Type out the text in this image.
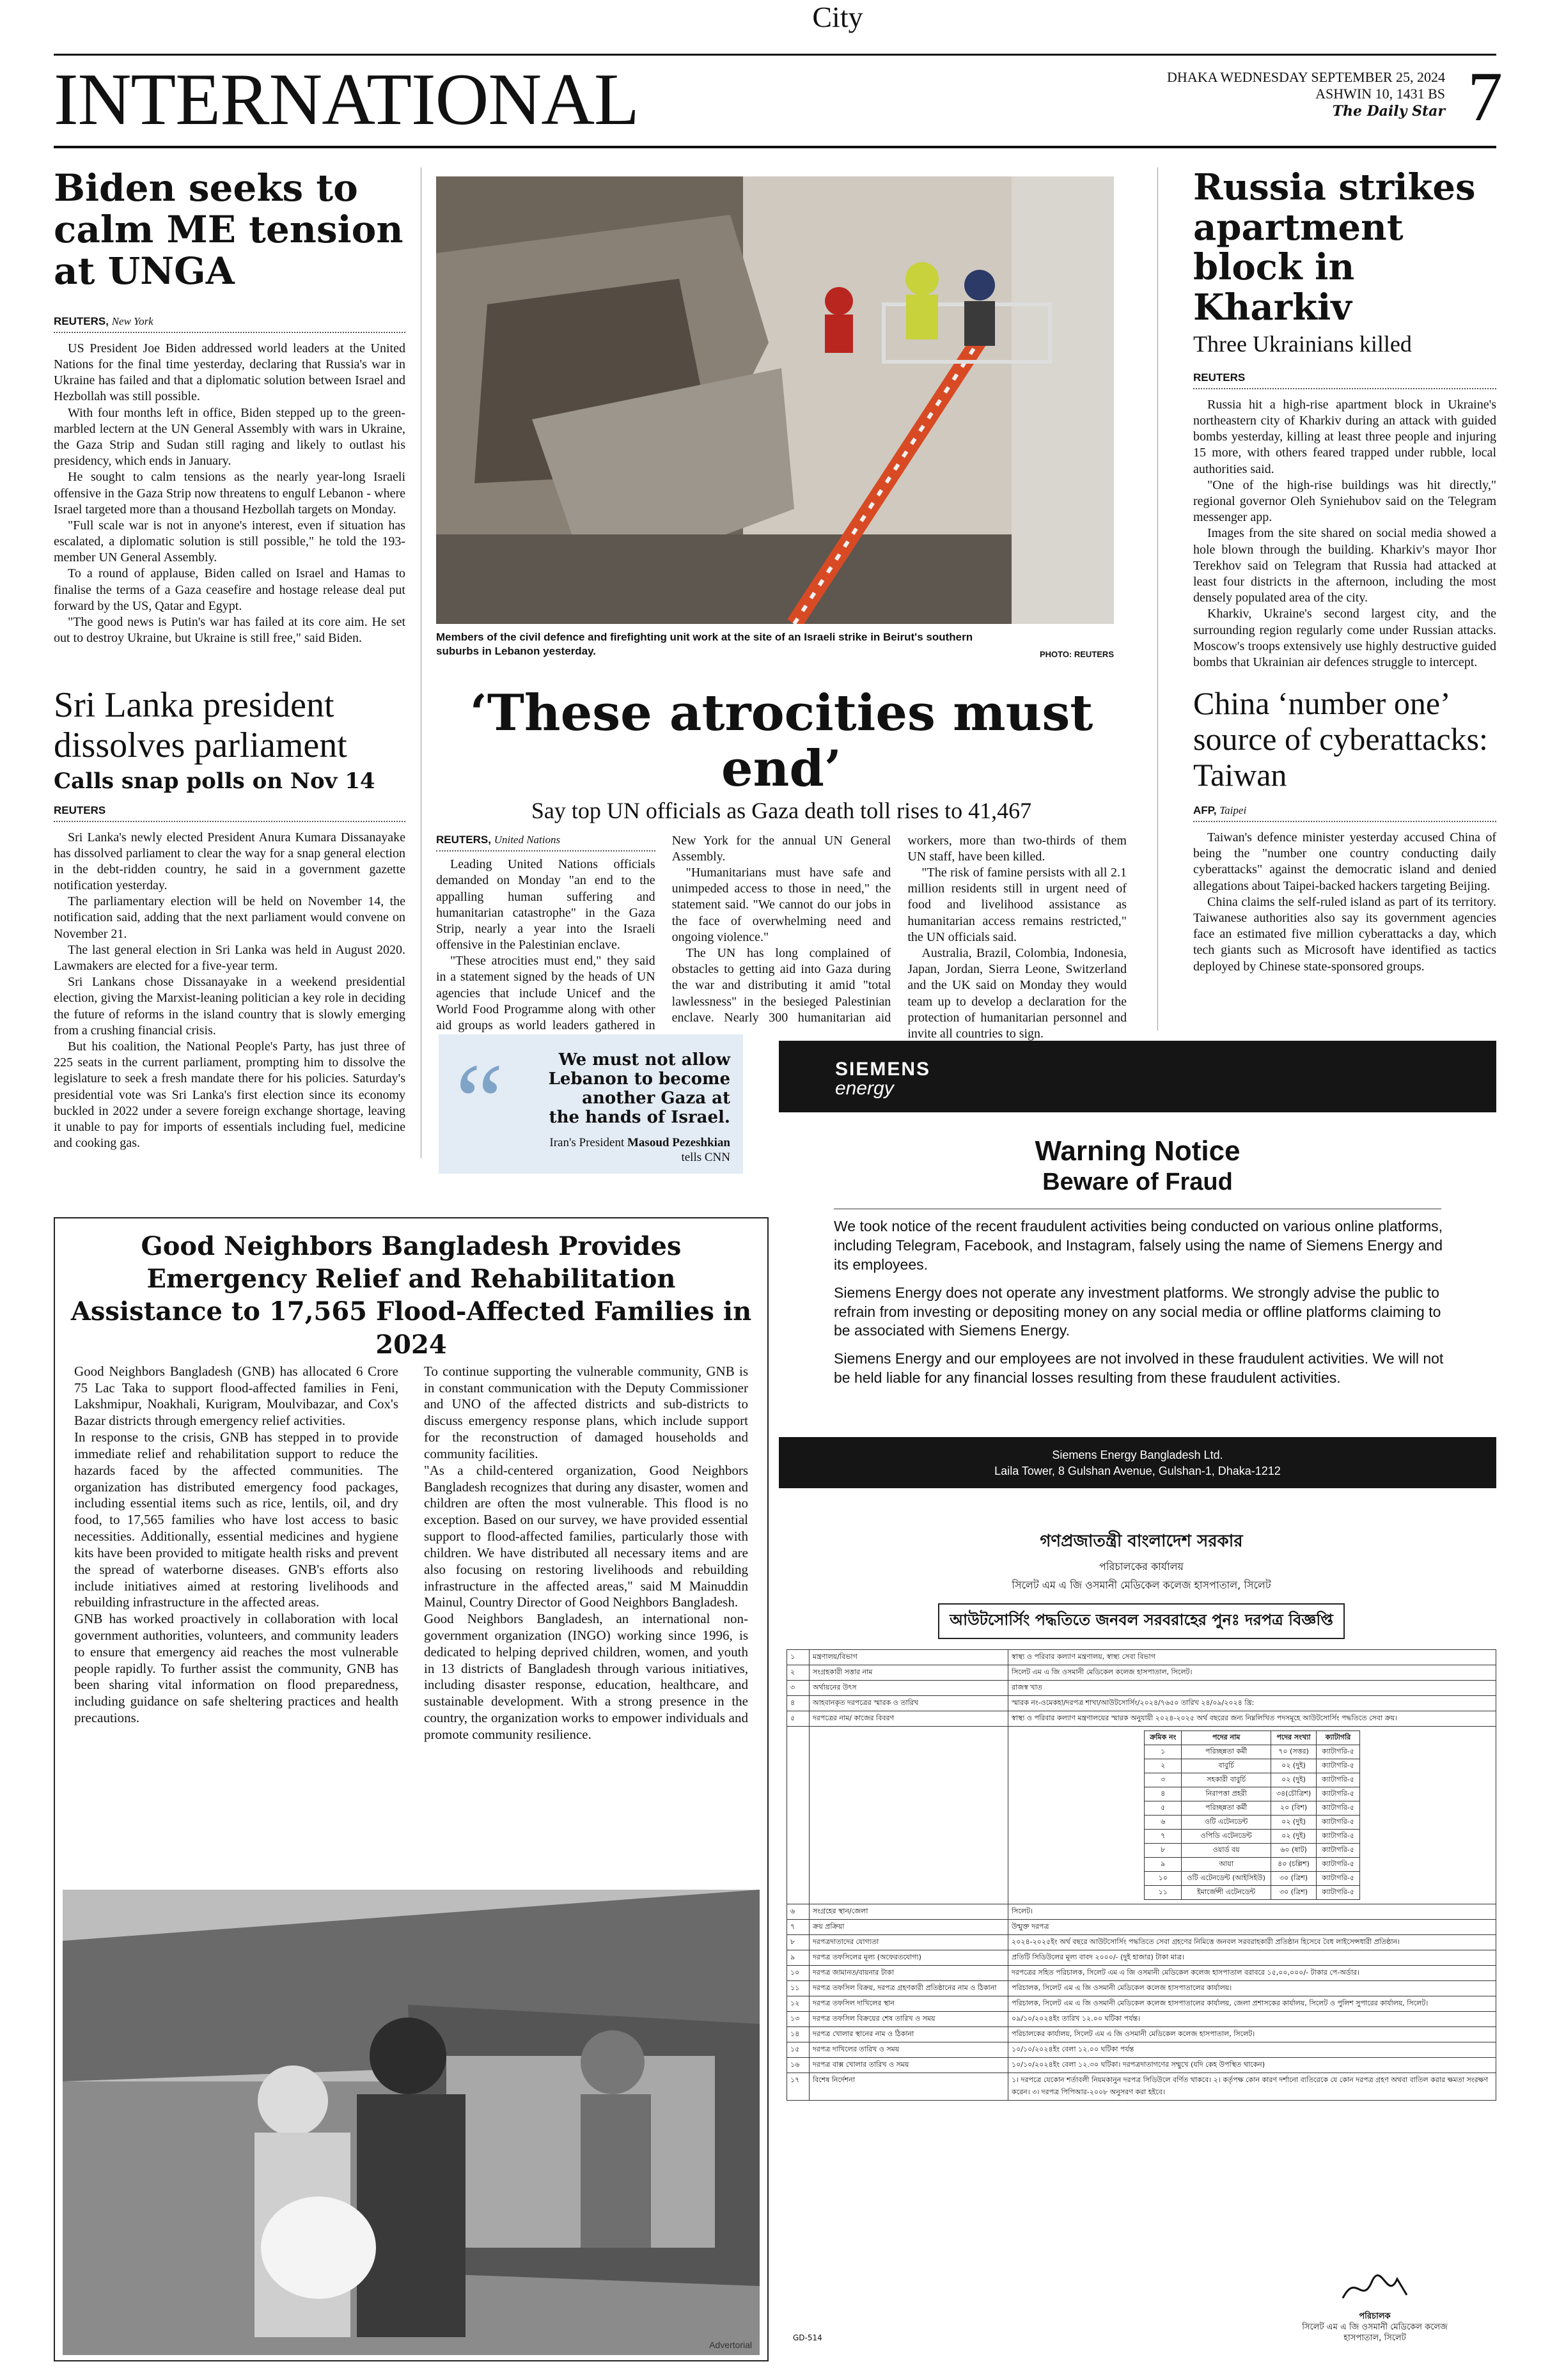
City
INTERNATIONAL	DHAKA WEDNESDAY SEPTEMBER 25, 2024
ASHWIN 10, 1431 BS
The Daily Star 7
Biden seeks to calm ME tension at UNGA
REUTERS, New York

US President Joe Biden addressed world leaders at the United Nations for the final time yesterday, declaring that Russia's war in Ukraine has failed and that a diplomatic solution between Israel and Hezbollah was still possible.

With four months left in office, Biden stepped up to the green-marbled lectern at the UN General Assembly with wars in Ukraine, the Gaza Strip and Sudan still raging and likely to outlast his presidency, which ends in January.

He sought to calm tensions as the nearly year-long Israeli offensive in the Gaza Strip now threatens to engulf Lebanon - where Israel targeted more than a thousand Hezbollah targets on Monday.

"Full scale war is not in anyone's interest, even if situation has escalated, a diplomatic solution is still possible," he told the 193-member UN General Assembly.

To a round of applause, Biden called on Israel and Hamas to finalise the terms of a Gaza ceasefire and hostage release deal put forward by the US, Qatar and Egypt.

"The good news is Putin's war has failed at its core aim. He set out to destroy Ukraine, but Ukraine is still free," said Biden.	Members of the civil defence and firefighting unit work at the site of an Israeli strike in Beirut's southern suburbs in Lebanon yesterday.	PHOTO: REUTERS
Russia strikes apartment block in Kharkiv
Three Ukrainians killed
REUTERS

Russia hit a high-rise apartment block in Ukraine's northeastern city of Kharkiv during an attack with guided bombs yesterday, killing at least three people and injuring 15 more, with others feared trapped under rubble, local authorities said.

"One of the high-rise buildings was hit directly," regional governor Oleh Syniehubov said on the Telegram messenger app.

Images from the site shared on social media showed a hole blown through the building. Kharkiv's mayor Ihor Terekhov said on Telegram that Russia had attacked at least four districts in the afternoon, including the most densely populated area of the city.

Kharkiv, Ukraine's second largest city, and the surrounding region regularly come under Russian attacks. Moscow's troops extensively use highly destructive guided bombs that Ukrainian air defences struggle to intercept.

Sri Lanka president dissolves parliament
Calls snap polls on Nov 14
REUTERS

Sri Lanka's newly elected President Anura Kumara Dissanayake has dissolved parliament to clear the way for a snap general election in the debt-ridden country, he said in a government gazette notification yesterday.

The parliamentary election will be held on November 14, the notification said, adding that the next parliament would convene on November 21.

The last general election in Sri Lanka was held in August 2020. Lawmakers are elected for a five-year term.

Sri Lankans chose Dissanayake in a weekend presidential election, giving the Marxist-leaning politician a key role in deciding the future of reforms in the island country that is slowly emerging from a crushing financial crisis.

But his coalition, the National People's Party, has just three of 225 seats in the current parliament, prompting him to dissolve the legislature to seek a fresh mandate there for his policies. Saturday's presidential vote was Sri Lanka's first election since its economy buckled in 2022 under a severe foreign exchange shortage, leaving it unable to pay for imports of essentials including fuel, medicine and cooking gas.

‘These atrocities must end’
Say top UN officials as Gaza death toll rises to 41,467
REUTERS, United Nations

Leading United Nations officials demanded on Monday "an end to the appalling human suffering and humanitarian catastrophe" in the Gaza Strip, nearly a year into the Israeli offensive in the Palestinian enclave.

"These atrocities must end," they said in a statement signed by the heads of UN agencies that include Unicef and the World Food Programme along with other aid groups as world leaders gathered in New York for the annual UN General Assembly.

"Humanitarians must have safe and unimpeded access to those in need," the statement said. "We cannot do our jobs in the face of overwhelming need and ongoing violence."

The UN has long complained of obstacles to getting aid into Gaza during the war and distributing it amid "total lawlessness" in the besieged Palestinian enclave. Nearly 300 humanitarian aid workers, more than two-thirds of them UN staff, have been killed.

"The risk of famine persists with all 2.1 million residents still in urgent need of food and livelihood assistance as humanitarian access remains restricted," the UN officials said.

Australia, Brazil, Colombia, Indonesia, Japan, Jordan, Sierra Leone, Switzerland and the UK said on Monday they would team up to develop a declaration for the protection of humanitarian personnel and invite all countries to sign.

China ‘number one’ source of cyberattacks: Taiwan
AFP, Taipei

Taiwan's defence minister yesterday accused China of being the "number one country conducting daily cyberattacks" against the democratic island and denied allegations about Taipei-backed hackers targeting Beijing.

China claims the self-ruled island as part of its territory. Taiwanese authorities also say its government agencies face an estimated five million cyberattacks a day, which tech giants such as Microsoft have identified as tactics deployed by Chinese state-sponsored groups.

“	We must not allow Lebanon to become another Gaza at the hands of Israel.
Iran's President Masoud Pezeshkian tells CNN
SIEMENS
energy
Warning Notice
Beware of Fraud

We took notice of the recent fraudulent activities being conducted on various online platforms, including Telegram, Facebook, and Instagram, falsely using the name of Siemens Energy and its employees.

Siemens Energy does not operate any investment platforms. We strongly advise the public to refrain from investing or depositing money on any social media or offline platforms claiming to be associated with Siemens Energy.

Siemens Energy and our employees are not involved in these fraudulent activities. We will not be held liable for any financial losses resulting from these fraudulent activities.

Siemens Energy Bangladesh Ltd.
Laila Tower, 8 Gulshan Avenue, Gulshan-1, Dhaka-1212
Good Neighbors Bangladesh Provides Emergency Relief and Rehabilitation Assistance to 17,565 Flood-Affected Families in 2024

Good Neighbors Bangladesh (GNB) has allocated 6 Crore 75 Lac Taka to support flood-affected families in Feni, Lakshmipur, Noakhali, Kurigram, Moulvibazar, and Cox's Bazar districts through emergency relief activities.

In response to the crisis, GNB has stepped in to provide immediate relief and rehabilitation support to reduce the hazards faced by the affected communities. The organization has distributed emergency food packages, including essential items such as rice, lentils, oil, and dry food, to 17,565 families who have lost access to basic necessities. Additionally, essential medicines and hygiene kits have been provided to mitigate health risks and prevent the spread of waterborne diseases. GNB's efforts also include initiatives aimed at restoring livelihoods and rebuilding infrastructure in the affected areas.

GNB has worked proactively in collaboration with local government authorities, volunteers, and community leaders to ensure that emergency aid reaches the most vulnerable people rapidly. To further assist the community, GNB has been sharing vital information on flood preparedness, including guidance on safe sheltering practices and health precautions.

To continue supporting the vulnerable community, GNB is in constant communication with the Deputy Commissioner and UNO of the affected districts and sub-districts to discuss emergency response plans, which include support for the reconstruction of damaged households and community facilities.

"As a child-centered organization, Good Neighbors Bangladesh recognizes that during any disaster, women and children are often the most vulnerable. This flood is no exception. Based on our survey, we have provided essential support to flood-affected families, particularly those with children. We have distributed all necessary items and are also focusing on restoring livelihoods and rebuilding infrastructure in the affected areas," said M Mainuddin Mainul, Country Director of Good Neighbors Bangladesh.

Good Neighbors Bangladesh, an international non-government organization (INGO) working since 1996, is dedicated to helping deprived children, women, and youth in 13 districts of Bangladesh through various initiatives, including disaster response, education, healthcare, and sustainable development. With a strong presence in the country, the organization works to empower individuals and promote community resilience.

Advertorial
গণপ্রজাতন্ত্রী বাংলাদেশ সরকার
পরিচালকের কার্যালয়
সিলেট এম এ জি ওসমানী মেডিকেল কলেজ হাসপাতাল, সিলেট
আউটসোর্সিং পদ্ধতিতে জনবল সরবরাহের পুনঃ দরপত্র বিজ্ঞপ্তি
১	মন্ত্রণালয়/বিভাগ	স্বাস্থ্য ও পরিবার কল্যাণ মন্ত্রণালয়, স্বাস্থ্য সেবা বিভাগ
২	সংগ্রহকারী সত্তার নাম	সিলেট এম এ জি ওসমানী মেডিকেল কলেজ হাসপাতাল, সিলেট।
৩	অর্থায়নের উৎস	রাজস্ব খাত
৪	আহবানকৃত দরপত্রের স্মারক ও তারিখ	স্মারক নং-ওমেকহা/দরপত্র শাখা/আউটসোর্সিং/২০২৪/৭৬৫০ তারিখ ২৪/০৯/২০২৪ খ্রি:
৫	দরপত্রের নাম/ কাজের বিবরণ	স্বাস্থ্য ও পরিবার কল্যাণ মন্ত্রণালয়ের স্মারক অনুযায়ী ২০২৪-২০২৫ অর্থ বছরের জন্য নিম্নলিখিত পদসমূহে আউটসোর্সিং পদ্ধতিতে সেবা ক্রয়।

ক্রমিক নং	পদের নাম	পদের সংখ্যা	ক্যাটাগরি
১	পরিচ্ছন্নতা কর্মী	৭০ (সত্তর)	ক্যাটাগরি-৫
২	বাবুর্চি	০২ (দুই)	ক্যাটাগরি-৫
৩	সহকারী বাবুর্চি	০২ (দুই)	ক্যাটাগরি-৫
৪	নিরাপত্তা প্রহরী	৩৪(চৌত্রিশ)	ক্যাটাগরি-৫
৫	পরিচ্ছন্নতা কর্মী	২০ (বিশ)	ক্যাটাগরি-৫
৬	ওটি এটেনডেন্ট	০২ (দুই)	ক্যাটাগরি-৫
৭	ওপিডি এটেনডেন্ট	০২ (দুই)	ক্যাটাগরি-৫
৮	ওয়ার্ড বয়	৬০ (ষাট)	ক্যাটাগরি-৫
৯	আয়া	৪০ (চল্লিশ)	ক্যাটাগরি-৫
১০	ওটি এটেনডেন্ট (আইসিইউ)	৩০ (ত্রিশ)	ক্যাটাগরি-৫
১১	ইমার্জেন্সী এটেনডেন্ট	৩০ (ত্রিশ)	ক্যাটাগরি-৫

৬	সংগ্রহের স্থান/জেলা	সিলেট।
৭	ক্রয় প্রক্রিয়া	উন্মুক্ত দরপত্র
৮	দরপত্রদাতাদের যোগ্যতা	২০২৪-২০২৫ইং অর্থ বছরে আউটসোর্সিং পদ্ধতিতে সেবা গ্রহণের নিমিত্তে জনবল সরবরাহকারী প্রতিষ্ঠান হিসেবে বৈধ লাইসেন্সধারী প্রতিষ্ঠান।
৯	দরপত্র তফসিলের মূল্য (অফেরতযোগ্য)	প্রতিটি সিডিউলের মূল্য বাবদ ২০০০/- (দুই হাজার) টাকা মাত্র।
১০	দরপত্র জামানত/বায়নার টাকা	দরপত্রের সহিত পরিচালক, সিলেট এম এ জি ওসমানী মেডিকেল কলেজ হাসপাতাল বরাবরে ১৫,০০,০০০/- টাকার পে-অর্ডার।
১১	দরপত্র তফসিল বিক্রয়, দরপত্র গ্রহণকারী প্রতিষ্ঠানের নাম ও ঠিকানা	পরিচালক, সিলেট এম এ জি ওসমানী মেডিকেল কলেজ হাসপাতালের কার্যালয়।
১২	দরপত্র তফসিল দাখিলের স্থান	পরিচালক, সিলেট এম এ জি ওসমানী মেডিকেল কলেজ হাসপাতালের কার্যালয়, জেলা প্রশাসকের কার্যালয়, সিলেট ও পুলিশ সুপারের কার্যালয়, সিলেট।
১৩	দরপত্র তফসিল বিক্রয়ের শেষ তারিখ ও সময়	০৯/১০/২০২৪ইং তারিখ ১২.০০ ঘটিকা পর্যন্ত।
১৪	দরপত্র খোলার স্থানের নাম ও ঠিকানা	পরিচালকের কার্যালয়, সিলেট এম এ জি ওসমানী মেডিকেল কলেজ হাসপাতাল, সিলেট।
১৫	দরপত্র দাখিলের তারিখ ও সময়	১০/১০/২০২৪ইং বেলা ১২.০০ ঘটিকা পর্যন্ত
১৬	দরপত্র বাক্স খোলার তারিখ ও সময়	১০/১০/২০২৪ইং বেলা ১২.৩০ ঘটিকা। দরপত্রদাতাগণের সম্মুখে (যদি কেহ উপস্থিত থাকেন)
১৭	বিশেষ নির্দেশনা	১। দরপত্রে যেকোন শর্তাবলী নিয়মকানুন দরপত্র সিডিউলে বর্ণিত থাকবে। ২। কর্তৃপক্ষ কোন কারণ দর্শানো ব্যতিরেকে যে কোন দরপত্র গ্রহণ অথবা বাতিল করার ক্ষমতা সংরক্ষণ করেন। ৩। দরপত্র পিপিআর-২০০৮ অনুসরণ করা হইবে।
পরিচালক
সিলেট এম এ জি ওসমানী মেডিকেল কলেজ
হাসপাতাল, সিলেট
GD-514
